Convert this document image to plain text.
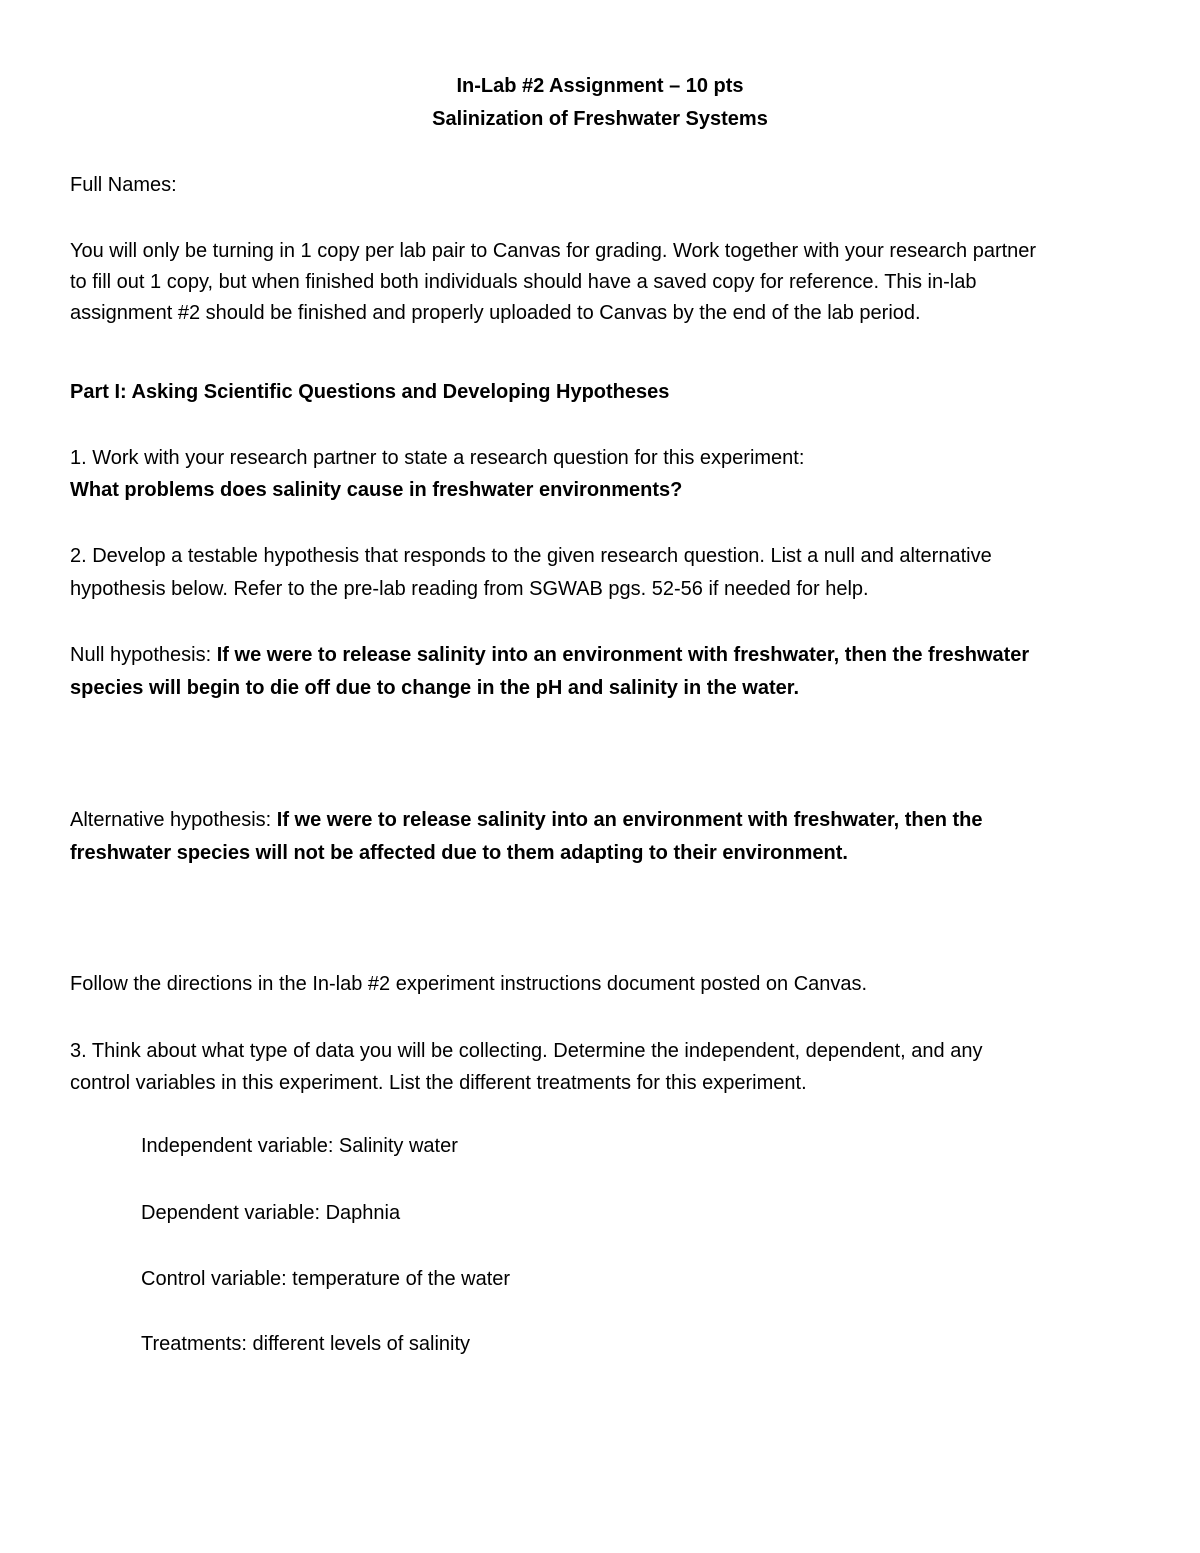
In-Lab #2 Assignment – 10 pts
Salinization of Freshwater Systems
Full Names:
You will only be turning in 1 copy per lab pair to Canvas for grading. Work together with your research partner
to fill out 1 copy, but when finished both individuals should have a saved copy for reference. This in-lab
assignment #2 should be finished and properly uploaded to Canvas by the end of the lab period.
Part I: Asking Scientific Questions and Developing Hypotheses
1. Work with your research partner to state a research question for this experiment:
What problems does salinity cause in freshwater environments?
2. Develop a testable hypothesis that responds to the given research question. List a null and alternative
hypothesis below. Refer to the pre-lab reading from SGWAB pgs. 52-56 if needed for help.
Null hypothesis: If we were to release salinity into an environment with freshwater, then the freshwater
species will begin to die off due to change in the pH and salinity in the water.
Alternative hypothesis: If we were to release salinity into an environment with freshwater, then the
freshwater species will not be affected due to them adapting to their environment.
Follow the directions in the In-lab #2 experiment instructions document posted on Canvas.
3. Think about what type of data you will be collecting. Determine the independent, dependent, and any
control variables in this experiment. List the different treatments for this experiment.
Independent variable: Salinity water
Dependent variable: Daphnia
Control variable: temperature of the water
Treatments: different levels of salinity
